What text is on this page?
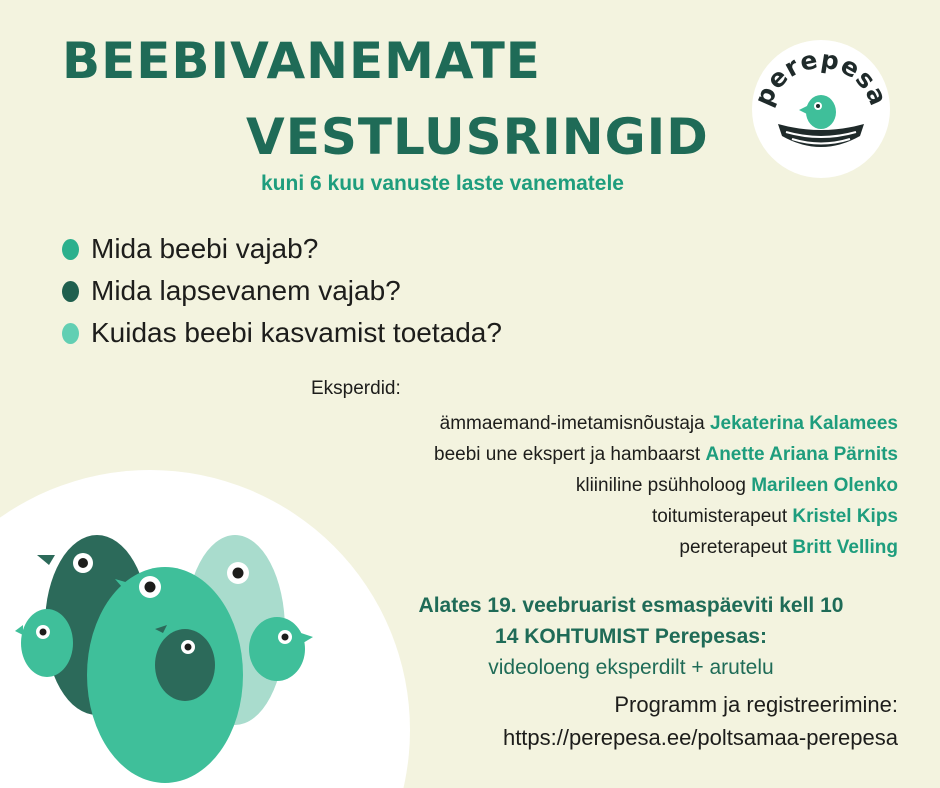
BEEBIVANEMATE
VESTLUSRINGID
kuni 6 kuu vanuste laste vanematele
erepes
Mida beebi vajab?
Mida lapsevanem vajab?
Kuidas beebi kasvamist toetada?
Eksperdid:
ämmaemand-imetamisnõustaja Jekaterina Kalamees
beebi une ekspert ja hambaarst Anette Ariana Pärnits
kliiniline psühholoog Marileen Olenko
toitumisterapeut Kristel Kips
pereterapeut Britt Velling
Alates 19. veebruarist esmaspäeviti kell 10
14 KOHTUMIST Perepesas:
videoloeng eksperdilt + arutelu
Programm ja registreerimine:
https://perepesa.ee/poltsamaa-perepesa
